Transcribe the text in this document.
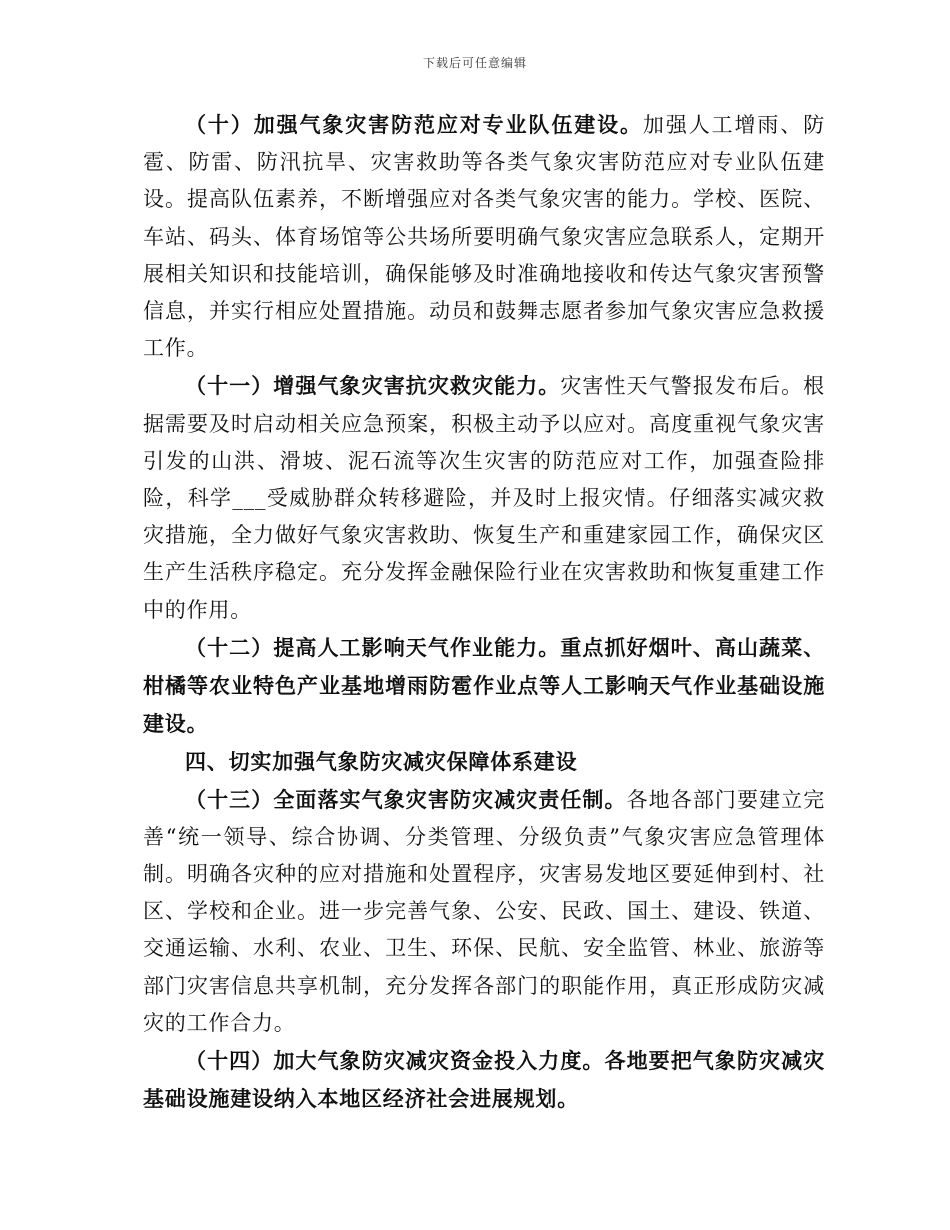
下载后可任意编辑

（十）加强气象灾害防范应对专业队伍建设。加强人工增雨、防雹、防雷、防汛抗旱、灾害救助等各类气象灾害防范应对专业队伍建设。提高队伍素养，不断增强应对各类气象灾害的能力。学校、医院、车站、码头、体育场馆等公共场所要明确气象灾害应急联系人，定期开展相关知识和技能培训，确保能够及时准确地接收和传达气象灾害预警信息，并实行相应处置措施。动员和鼓舞志愿者参加气象灾害应急救援工作。

（十一）增强气象灾害抗灾救灾能力。灾害性天气警报发布后。根据需要及时启动相关应急预案，积极主动予以应对。高度重视气象灾害引发的山洪、滑坡、泥石流等次生灾害的防范应对工作，加强查险排险，科学___受威胁群众转移避险，并及时上报灾情。仔细落实减灾救灾措施，全力做好气象灾害救助、恢复生产和重建家园工作，确保灾区生产生活秩序稳定。充分发挥金融保险行业在灾害救助和恢复重建工作中的作用。

（十二）提高人工影响天气作业能力。重点抓好烟叶、高山蔬菜、柑橘等农业特色产业基地增雨防雹作业点等人工影响天气作业基础设施建设。

四、切实加强气象防灾减灾保障体系建设

（十三）全面落实气象灾害防灾减灾责任制。各地各部门要建立完善“统一领导、综合协调、分类管理、分级负责”气象灾害应急管理体制。明确各灾种的应对措施和处置程序，灾害易发地区要延伸到村、社区、学校和企业。进一步完善气象、公安、民政、国土、建设、铁道、交通运输、水利、农业、卫生、环保、民航、安全监管、林业、旅游等部门灾害信息共享机制，充分发挥各部门的职能作用，真正形成防灾减灾的工作合力。

（十四）加大气象防灾减灾资金投入力度。各地要把气象防灾减灾基础设施建设纳入本地区经济社会进展规划。
